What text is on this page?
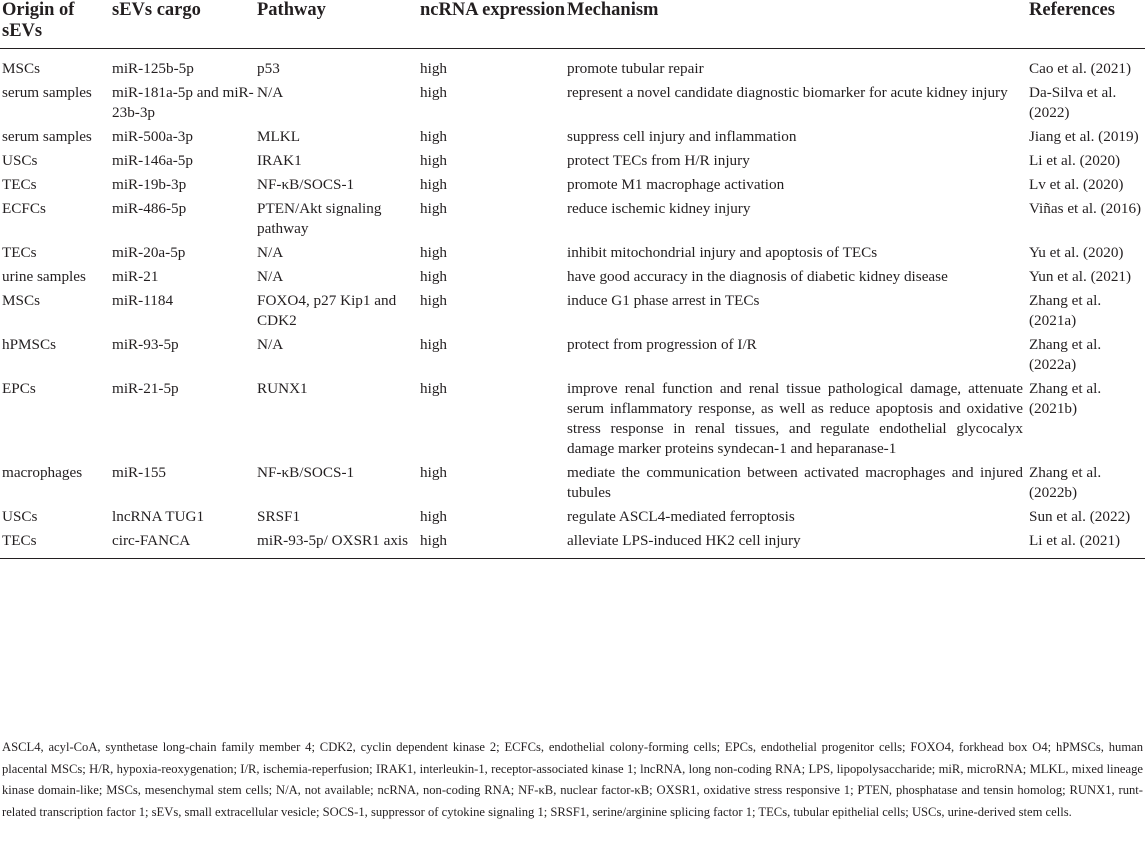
Origin of sEVs	sEVs cargo	Pathway	ncRNA expression	Mechanism	References
MSCs	miR-125b-5p	p53	high	promote tubular repair	Cao et al. (2021)
serum samples	miR-181a-5p and miR-23b-3p	N/A	high	represent a novel candidate diagnostic biomarker for acute kidney injury	Da-Silva et al. (2022)
serum samples	miR-500a-3p	MLKL	high	suppress cell injury and inflammation	Jiang et al. (2019)
USCs	miR-146a-5p	IRAK1	high	protect TECs from H/R injury	Li et al. (2020)
TECs	miR-19b-3p	NF-κB/SOCS-1	high	promote M1 macrophage activation	Lv et al. (2020)
ECFCs	miR-486-5p	PTEN/Akt signaling pathway	high	reduce ischemic kidney injury	Viñas et al. (2016)
TECs	miR-20a-5p	N/A	high	inhibit mitochondrial injury and apoptosis of TECs	Yu et al. (2020)
urine samples	miR-21	N/A	high	have good accuracy in the diagnosis of diabetic kidney disease	Yun et al. (2021)
MSCs	miR-1184	FOXO4, p27 Kip1 and CDK2	high	induce G1 phase arrest in TECs	Zhang et al. (2021a)
hPMSCs	miR-93-5p	N/A	high	protect from progression of I/R	Zhang et al. (2022a)
EPCs	miR-21-5p	RUNX1	high	improve renal function and renal tissue pathological damage, attenuate serum inflammatory response, as well as reduce apoptosis and oxidative stress response in renal tissues, and regulate endothelial glycocalyx damage marker proteins syndecan-1 and heparanase-1	Zhang et al. (2021b)
macrophages	miR-155	NF-κB/SOCS-1	high	mediate the communication between activated macrophages and injured tubules	Zhang et al. (2022b)
USCs	lncRNA TUG1	SRSF1	high	regulate ASCL4-mediated ferroptosis	Sun et al. (2022)
TECs	circ-FANCA	miR-93-5p/ OXSR1 axis	high	alleviate LPS-induced HK2 cell injury	Li et al. (2021)
ASCL4, acyl-CoA, synthetase long-chain family member 4; CDK2, cyclin dependent kinase 2; ECFCs, endothelial colony-forming cells; EPCs, endothelial progenitor cells; FOXO4, forkhead box O4; hPMSCs, human placental MSCs; H/R, hypoxia-reoxygenation; I/R, ischemia-reperfusion; IRAK1, interleukin-1, receptor-associated kinase 1; lncRNA, long non-coding RNA; LPS, lipopolysaccharide; miR, microRNA; MLKL, mixed lineage kinase domain-like; MSCs, mesenchymal stem cells; N/A, not available; ncRNA, non-coding RNA; NF-κB, nuclear factor-κB; OXSR1, oxidative stress responsive 1; PTEN, phosphatase and tensin homolog; RUNX1, runt-related transcription factor 1; sEVs, small extracellular vesicle; SOCS-1, suppressor of cytokine signaling 1; SRSF1, serine/arginine splicing factor 1; TECs, tubular epithelial cells; USCs, urine-derived stem cells.
